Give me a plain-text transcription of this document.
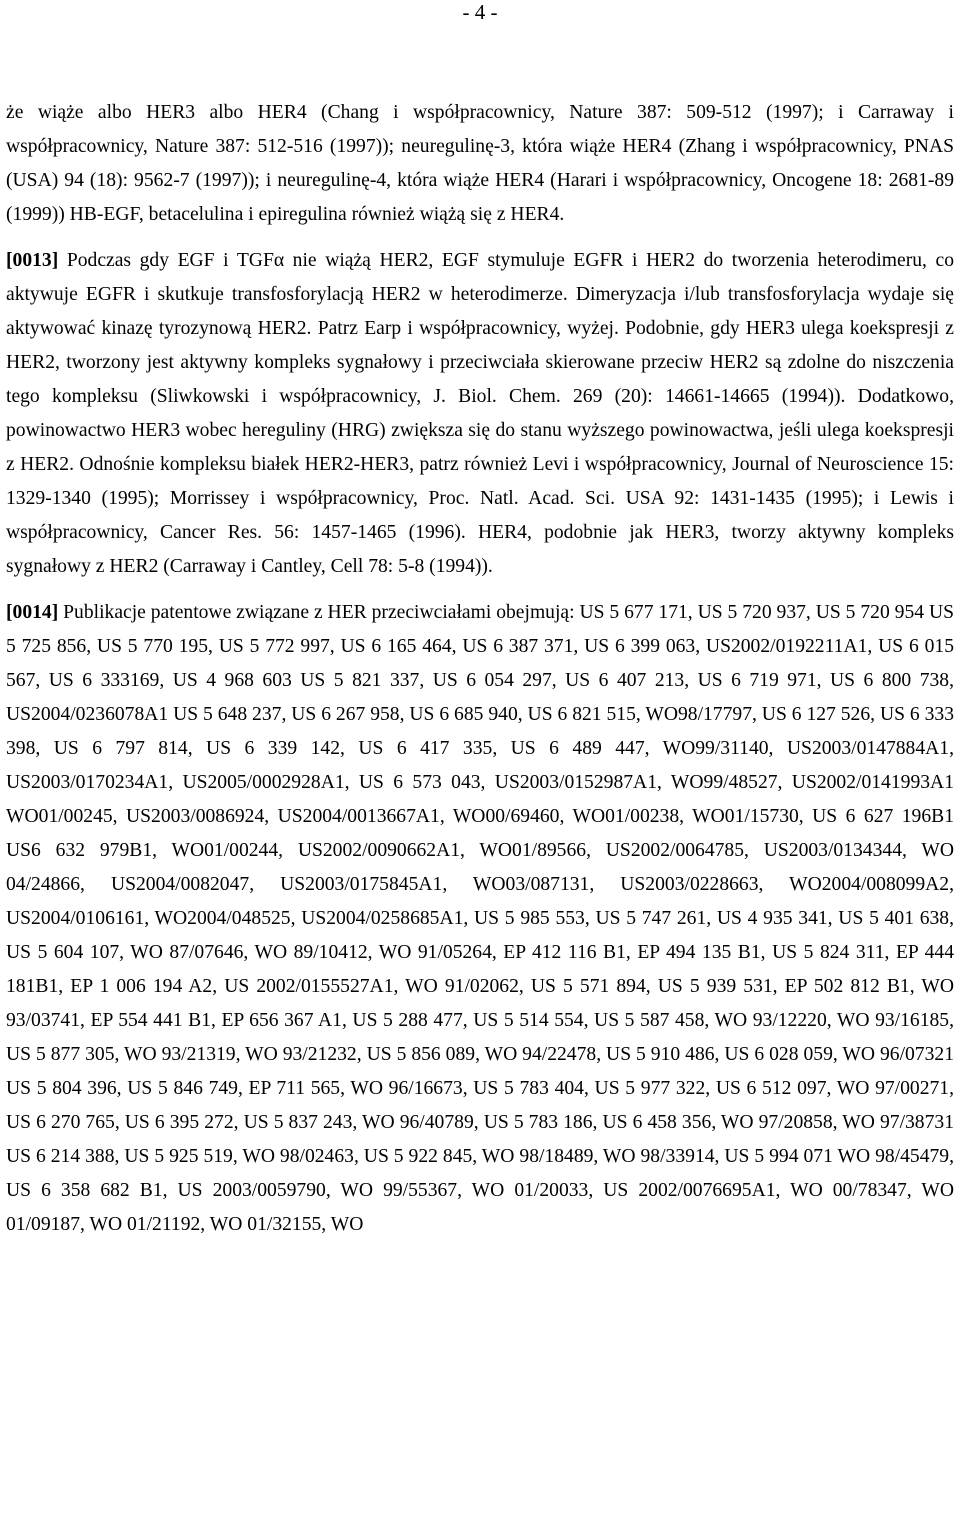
- 4 -

że wiąże albo HER3 albo HER4 (Chang i współpracownicy, Nature 387: 509-512 (1997); i Carraway i współpracownicy, Nature 387: 512-516 (1997)); neuregulinę-3, która wiąże HER4 (Zhang i współpracownicy, PNAS (USA) 94 (18): 9562-7 (1997)); i neuregulinę-4, która wiąże HER4 (Harari i współpracownicy, Oncogene 18: 2681-89 (1999)) HB-EGF, betacelulina i epiregulina również wiążą się z HER4.

[0013] Podczas gdy EGF i TGFα nie wiążą HER2, EGF stymuluje EGFR i HER2 do tworzenia heterodimeru, co aktywuje EGFR i skutkuje transfosforylacją HER2 w heterodimerze. Dimeryzacja i/lub transfosforylacja wydaje się aktywować kinazę tyrozynową HER2. Patrz Earp i współpracownicy, wyżej. Podobnie, gdy HER3 ulega koekspresji z HER2, tworzony jest aktywny kompleks sygnałowy i przeciwciała skierowane przeciw HER2 są zdolne do niszczenia tego kompleksu (Sliwkowski i współpracownicy, J. Biol. Chem. 269 (20): 14661-14665 (1994)). Dodatkowo, powinowactwo HER3 wobec hereguliny (HRG) zwiększa się do stanu wyższego powinowactwa, jeśli ulega koekspresji z HER2. Odnośnie kompleksu białek HER2-HER3, patrz również Levi i współpracownicy, Journal of Neuroscience 15: 1329-1340 (1995); Morrissey i współpracownicy, Proc. Natl. Acad. Sci. USA 92: 1431-1435 (1995); i Lewis i współpracownicy, Cancer Res. 56: 1457-1465 (1996). HER4, podobnie jak HER3, tworzy aktywny kompleks sygnałowy z HER2 (Carraway i Cantley, Cell 78: 5-8 (1994)).

[0014] Publikacje patentowe związane z HER przeciwciałami obejmują: US 5 677 171, US 5 720 937, US 5 720 954 US 5 725 856, US 5 770 195, US 5 772 997, US 6 165 464, US 6 387 371, US 6 399 063, US2002/0192211A1, US 6 015 567, US 6 333169, US 4 968 603 US 5 821 337, US 6 054 297, US 6 407 213, US 6 719 971, US 6 800 738, US2004/0236078A1 US 5 648 237, US 6 267 958, US 6 685 940, US 6 821 515, WO98/17797, US 6 127 526, US 6 333 398, US 6 797 814, US 6 339 142, US 6 417 335, US 6 489 447, WO99/31140, US2003/0147884A1, US2003/0170234A1, US2005/0002928A1, US 6 573 043, US2003/0152987A1, WO99/48527, US2002/0141993A1 WO01/00245, US2003/0086924, US2004/0013667A1, WO00/69460, WO01/00238, WO01/15730, US 6 627 196B1 US6 632 979B1, WO01/00244, US2002/0090662A1, WO01/89566, US2002/0064785, US2003/0134344, WO 04/24866, US2004/0082047, US2003/0175845A1, WO03/087131, US2003/0228663, WO2004/008099A2, US2004/0106161, WO2004/048525, US2004/0258685A1, US 5 985 553, US 5 747 261, US 4 935 341, US 5 401 638, US 5 604 107, WO 87/07646, WO 89/10412, WO 91/05264, EP 412 116 B1, EP 494 135 B1, US 5 824 311, EP 444 181B1, EP 1 006 194 A2, US 2002/0155527A1, WO 91/02062, US 5 571 894, US 5 939 531, EP 502 812 B1, WO 93/03741, EP 554 441 B1, EP 656 367 A1, US 5 288 477, US 5 514 554, US 5 587 458, WO 93/12220, WO 93/16185, US 5 877 305, WO 93/21319, WO 93/21232, US 5 856 089, WO 94/22478, US 5 910 486, US 6 028 059, WO 96/07321 US 5 804 396, US 5 846 749, EP 711 565, WO 96/16673, US 5 783 404, US 5 977 322, US 6 512 097, WO 97/00271, US 6 270 765, US 6 395 272, US 5 837 243, WO 96/40789, US 5 783 186, US 6 458 356, WO 97/20858, WO 97/38731 US 6 214 388, US 5 925 519, WO 98/02463, US 5 922 845, WO 98/18489, WO 98/33914, US 5 994 071 WO 98/45479, US 6 358 682 B1, US 2003/0059790, WO 99/55367, WO 01/20033, US 2002/0076695A1, WO 00/78347, WO 01/09187, WO 01/21192, WO 01/32155, WO
